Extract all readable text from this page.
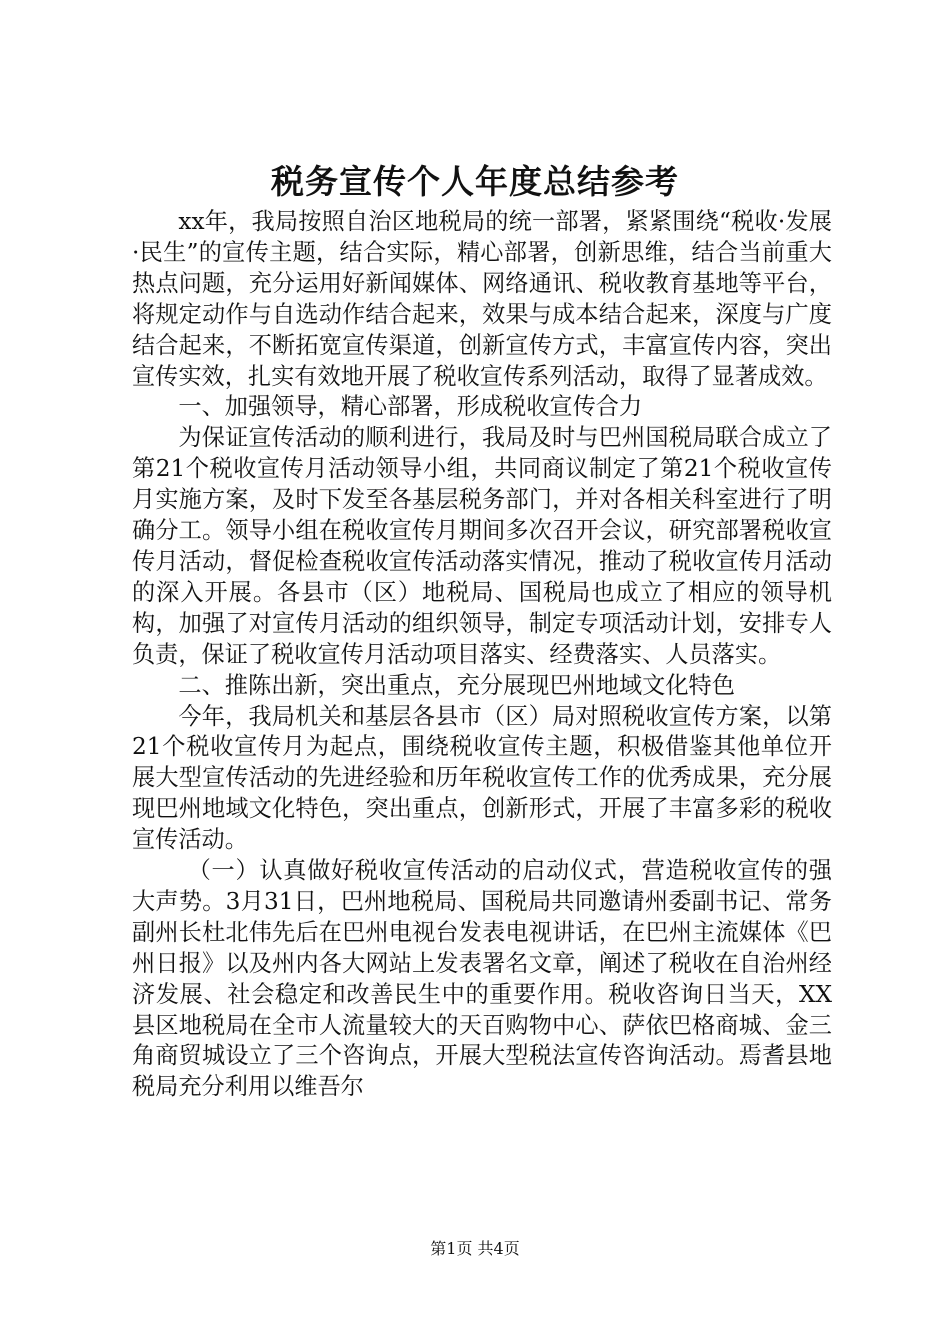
税务宣传个人年度总结参考

xx年，我局按照自治区地税局的统一部署，紧紧围绕“税收·发展·民生”的宣传主题，结合实际，精心部署，创新思维，结合当前重大热点问题，充分运用好新闻媒体、网络通讯、税收教育基地等平台，将规定动作与自选动作结合起来，效果与成本结合起来，深度与广度结合起来，不断拓宽宣传渠道，创新宣传方式，丰富宣传内容，突出宣传实效，扎实有效地开展了税收宣传系列活动，取得了显著成效。

一、加强领导，精心部署，形成税收宣传合力

为保证宣传活动的顺利进行，我局及时与巴州国税局联合成立了第21个税收宣传月活动领导小组，共同商议制定了第21个税收宣传月实施方案，及时下发至各基层税务部门，并对各相关科室进行了明确分工。领导小组在税收宣传月期间多次召开会议，研究部署税收宣传月活动，督促检查税收宣传活动落实情况，推动了税收宣传月活动的深入开展。各县市（区）地税局、国税局也成立了相应的领导机构，加强了对宣传月活动的组织领导，制定专项活动计划，安排专人负责，保证了税收宣传月活动项目落实、经费落实、人员落实。

二、推陈出新，突出重点，充分展现巴州地域文化特色

今年，我局机关和基层各县市（区）局对照税收宣传方案，以第21个税收宣传月为起点，围绕税收宣传主题，积极借鉴其他单位开展大型宣传活动的先进经验和历年税收宣传工作的优秀成果，充分展现巴州地域文化特色，突出重点，创新形式，开展了丰富多彩的税收宣传活动。

（一）认真做好税收宣传活动的启动仪式，营造税收宣传的强大声势。3月31日，巴州地税局、国税局共同邀请州委副书记、常务副州长杜北伟先后在巴州电视台发表电视讲话，在巴州主流媒体《巴州日报》以及州内各大网站上发表署名文章，阐述了税收在自治州经济发展、社会稳定和改善民生中的重要作用。税收咨询日当天，XX县区地税局在全市人流量较大的天百购物中心、萨依巴格商城、金三角商贸城设立了三个咨询点，开展大型税法宣传咨询活动。焉耆县地税局充分利用以维吾尔

第1页 共4页
